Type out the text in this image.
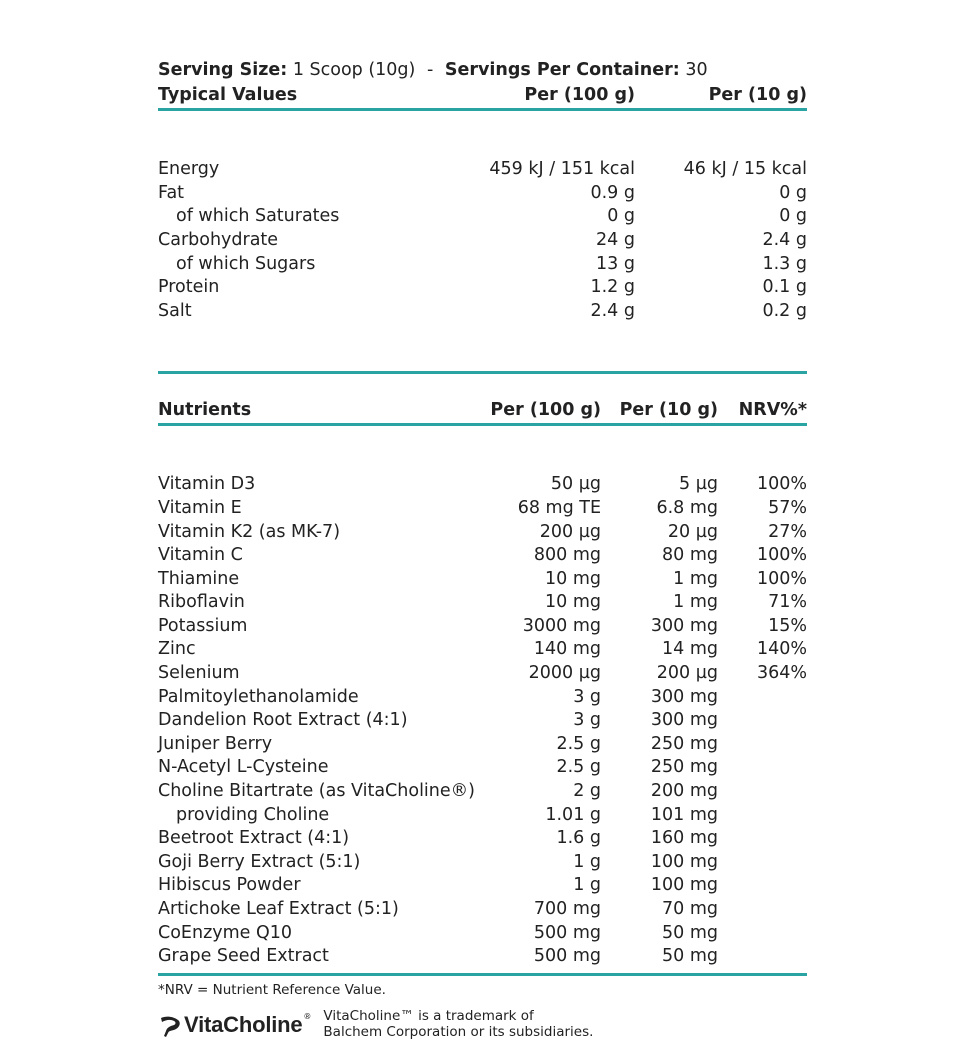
Serving Size: 1 Scoop (10g) - Servings Per Container: 30
Typical Values	Per (100 g)	Per (10 g)

Energy	459 kJ / 151 kcal	46 kJ / 15 kcal
Fat	0.9 g	0 g
of which Saturates	0 g	0 g
Carbohydrate	24 g	2.4 g
of which Sugars	13 g	1.3 g
Protein	1.2 g	0.1 g
Salt	2.4 g	0.2 g

Nutrients	Per (100 g)	Per (10 g)	NRV%*

Vitamin D3	50 µg	5 µg	100%
Vitamin E	68 mg TE	6.8 mg	57%
Vitamin K2 (as MK-7)	200 µg	20 µg	27%
Vitamin C	800 mg	80 mg	100%
Thiamine	10 mg	1 mg	100%
Riboflavin	10 mg	1 mg	71%
Potassium	3000 mg	300 mg	15%
Zinc	140 mg	14 mg	140%
Selenium	2000 µg	200 µg	364%
Palmitoylethanolamide	3 g	300 mg	
Dandelion Root Extract (4:1)	3 g	300 mg	
Juniper Berry	2.5 g	250 mg	
N-Acetyl L-Cysteine	2.5 g	250 mg	
Choline Bitartrate (as VitaCholine®)	2 g	200 mg	
providing Choline	1.01 g	101 mg	
Beetroot Extract (4:1)	1.6 g	160 mg	
Goji Berry Extract (5:1)	1 g	100 mg	
Hibiscus Powder	1 g	100 mg	
Artichoke Leaf Extract (5:1)	700 mg	70 mg	
CoEnzyme Q10	500 mg	50 mg	
Grape Seed Extract	500 mg	50 mg	
*NRV = Nutrient Reference Value.
VitaCholine ® VitaCholine™ is a trademark of
Balchem Corporation or its subsidiaries.
